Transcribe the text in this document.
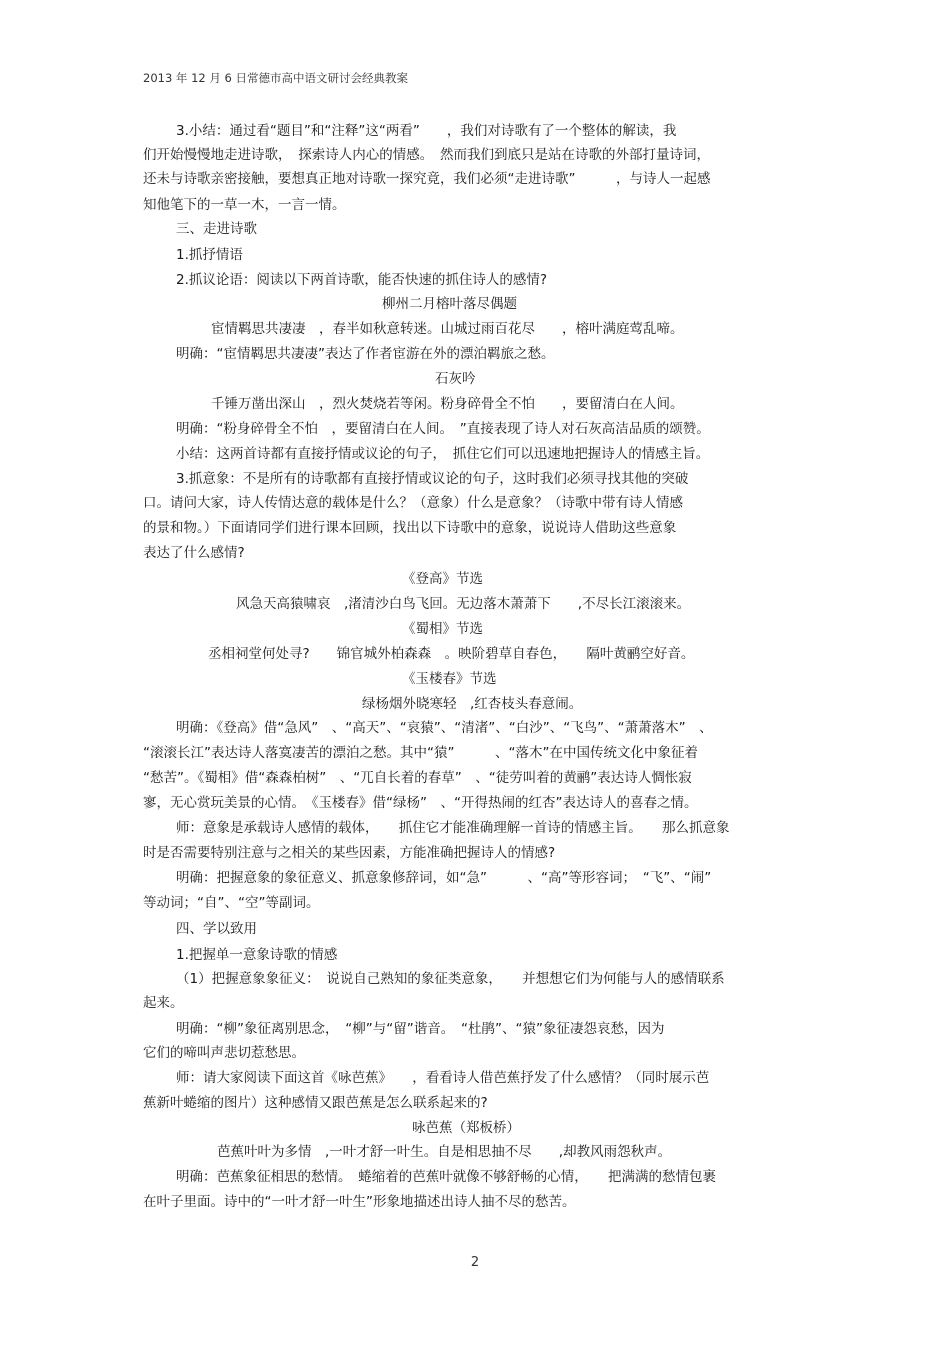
2013 年 12 月 6 日常德市高中语文研讨会经典教案
3.小结：通过看“题目”和“注释”这“两看”　　，我们对诗歌有了一个整体的解读，我
们开始慢慢地走进诗歌，　探索诗人内心的情感。　然而我们到底只是站在诗歌的外部打量诗词，
还未与诗歌亲密接触，要想真正地对诗歌一探究竟，我们必须“走进诗歌”　　　，与诗人一起感
知他笔下的一草一木，一言一情。
三、走进诗歌
1.抓抒情语
2.抓议论语：阅读以下两首诗歌，能否快速的抓住诗人的感情?
柳州二月榕叶落尽偶题
宦情羁思共凄凄　，春半如秋意转迷。山城过雨百花尽　　，榕叶满庭莺乱啼。
明确：“宦情羁思共凄凄”表达了作者宦游在外的漂泊羁旅之愁。
石灰吟
千锤万凿出深山　，烈火焚烧若等闲。粉身碎骨全不怕　　，要留清白在人间。
明确：“粉身碎骨全不怕　，要留清白在人间。　”直接表现了诗人对石灰高洁品质的颂赞。
小结：这两首诗都有直接抒情或议论的句子，　抓住它们可以迅速地把握诗人的情感主旨。
3.抓意象：不是所有的诗歌都有直接抒情或议论的句子，这时我们必须寻找其他的突破
口。请问大家，诗人传情达意的载体是什么？（意象）什么是意象？（诗歌中带有诗人情感
的景和物。）下面请同学们进行课本回顾，找出以下诗歌中的意象，说说诗人借助这些意象
表达了什么感情?
《登高》节选
风急天高猿啸哀　,渚清沙白鸟飞回。无边落木萧萧下　　,不尽长江滚滚来。
《蜀相》节选
丞相祠堂何处寻?　　锦官城外柏森森　。映阶碧草自春色，　　隔叶黄鹂空好音。
《玉楼春》节选
绿杨烟外晓寒轻　,红杏枝头春意闹。
明确：《登高》借“急风”　、“高天”、“哀猿”、“清渚”、“白沙”、“飞鸟”、“萧萧落木”　、
“滚滚长江”表达诗人落寞凄苦的漂泊之愁。其中“猿”　　　、“落木”在中国传统文化中象征着
“愁苦”。《蜀相》借“森森柏树”　、“兀自长着的春草”　、“徒劳叫着的黄鹂”表达诗人惆怅寂
寥，无心赏玩美景的心情。　《玉楼春》借“绿杨”　、“开得热闹的红杏”表达诗人的喜春之情。
师：意象是承载诗人感情的载体，　　抓住它才能准确理解一首诗的情感主旨。　　那么抓意象
时是否需要特别注意与之相关的某些因素，方能准确把握诗人的情感?
明确：把握意象的象征意义、抓意象修辞词，如“急”　　　、“高”等形容词；　“飞”、“闹”
等动词；“自”、“空”等副词。
四、学以致用
1.把握单一意象诗歌的情感
（1）把握意象象征义：　说说自己熟知的象征类意象，　　并想想它们为何能与人的感情联系
起来。
明确：“柳”象征离别思念，　“柳”与“留”谐音。　“杜鹃”、“猿”象征凄怨哀愁，因为
它们的啼叫声悲切惹愁思。
师：请大家阅读下面这首《咏芭蕉》　　，看看诗人借芭蕉抒发了什么感情？（同时展示芭
蕉新叶蜷缩的图片）这种感情又跟芭蕉是怎么联系起来的?
咏芭蕉（郑板桥）
芭蕉叶叶为多情　,一叶才舒一叶生。自是相思抽不尽　　,却教风雨怨秋声。
明确：芭蕉象征相思的愁情。　蜷缩着的芭蕉叶就像不够舒畅的心情，　　把满满的愁情包裹
在叶子里面。诗中的“一叶才舒一叶生”形象地描述出诗人抽不尽的愁苦。
2
